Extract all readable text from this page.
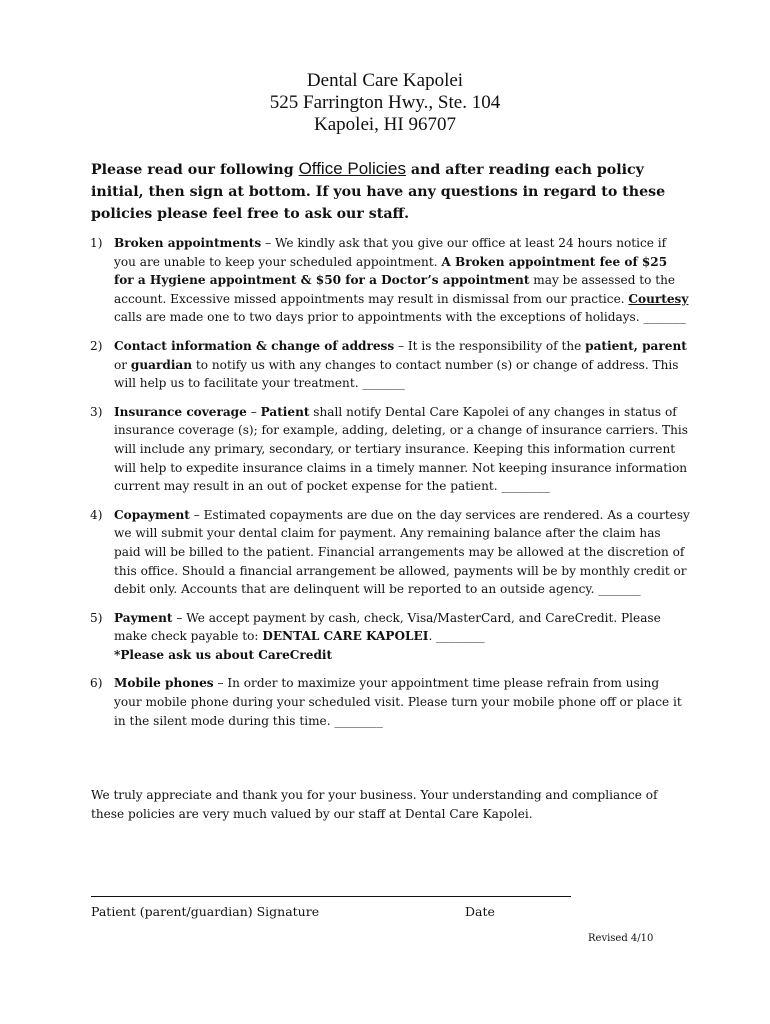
Dental Care Kapolei
525 Farrington Hwy., Ste. 104
Kapolei, HI 96707
Please read our following Office Policies and after reading each policy initial, then sign at bottom. If you have any questions in regard to these policies please feel free to ask our staff.
1) Broken appointments – We kindly ask that you give our office at least 24 hours notice if you are unable to keep your scheduled appointment. A Broken appointment fee of $25 for a Hygiene appointment & $50 for a Doctor’s appointment may be assessed to the account. Excessive missed appointments may result in dismissal from our practice. Courtesy calls are made one to two days prior to appointments with the exceptions of holidays. _______
2) Contact information & change of address – It is the responsibility of the patient, parent or guardian to notify us with any changes to contact number (s) or change of address. This will help us to facilitate your treatment. _______
3) Insurance coverage – Patient shall notify Dental Care Kapolei of any changes in status of insurance coverage (s); for example, adding, deleting, or a change of insurance carriers. This will include any primary, secondary, or tertiary insurance. Keeping this information current will help to expedite insurance claims in a timely manner. Not keeping insurance information current may result in an out of pocket expense for the patient. ________
4) Copayment – Estimated copayments are due on the day services are rendered. As a courtesy we will submit your dental claim for payment. Any remaining balance after the claim has paid will be billed to the patient. Financial arrangements may be allowed at the discretion of this office. Should a financial arrangement be allowed, payments will be by monthly credit or debit only. Accounts that are delinquent will be reported to an outside agency. _______
5) Payment – We accept payment by cash, check, Visa/MasterCard, and CareCredit. Please make check payable to: DENTAL CARE KAPOLEI. ________
*Please ask us about CareCredit
6) Mobile phones – In order to maximize your appointment time please refrain from using your mobile phone during your scheduled visit. Please turn your mobile phone off or place it in the silent mode during this time. ________
We truly appreciate and thank you for your business. Your understanding and compliance of these policies are very much valued by our staff at Dental Care Kapolei.
Patient (parent/guardian) Signature	Date
Revised 4/10
